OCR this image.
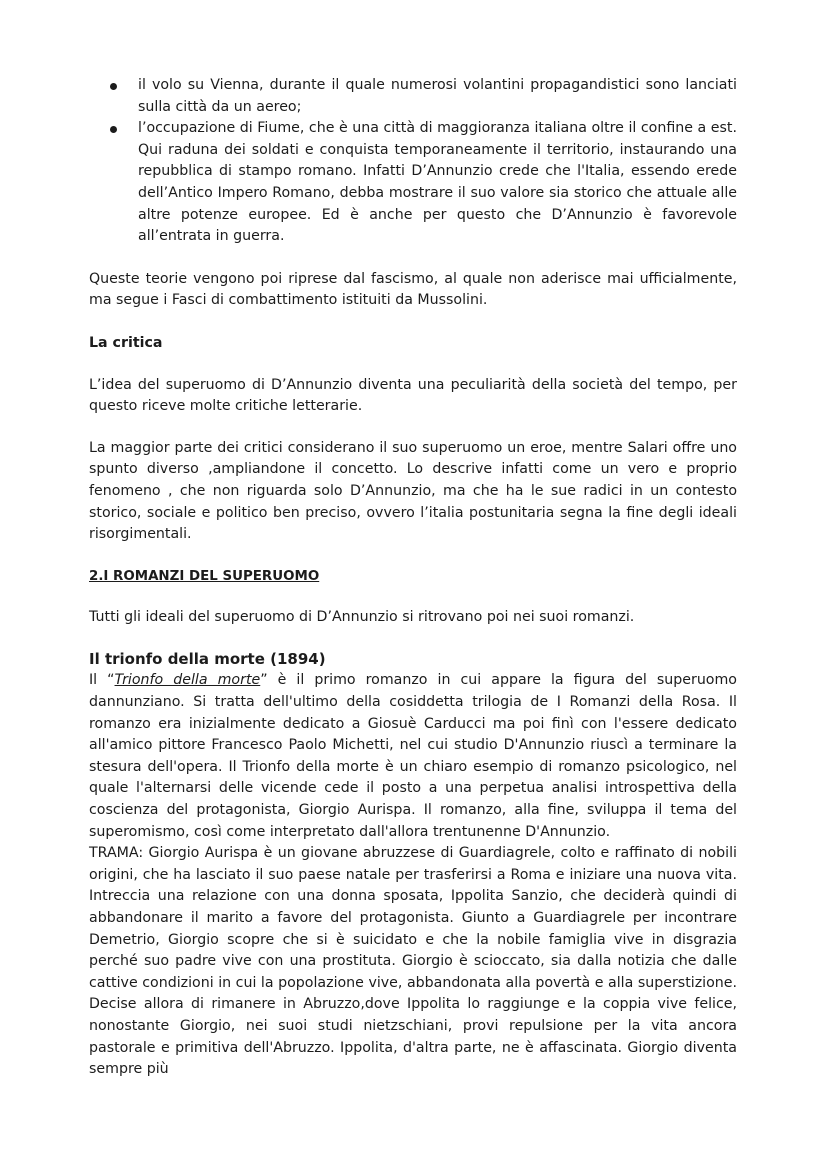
il volo su Vienna, durante il quale numerosi volantini propagandistici sono lanciati sulla città da un aereo;
l’occupazione di Fiume, che è una città di maggioranza italiana oltre il confine a est. Qui raduna dei soldati e conquista temporaneamente il territorio, instaurando una repubblica di stampo romano. Infatti D’Annunzio crede che l'Italia, essendo erede dell’Antico Impero Romano, debba mostrare il suo valore sia storico che attuale alle altre potenze europee. Ed è anche per questo che D’Annunzio è favorevole all’entrata in guerra.

Queste teorie vengono poi riprese dal fascismo, al quale non aderisce mai ufficialmente, ma segue i Fasci di combattimento istituiti da Mussolini.

La critica

L’idea del superuomo di D’Annunzio diventa una peculiarità della società del tempo, per questo riceve molte critiche letterarie.

La maggior parte dei critici considerano il suo superuomo un eroe, mentre Salari offre uno spunto diverso ,ampliandone il concetto. Lo descrive infatti come un vero e proprio fenomeno , che non riguarda solo D’Annunzio, ma che ha le sue radici in un contesto storico, sociale e politico ben preciso, ovvero l’italia postunitaria segna la fine degli ideali risorgimentali.

2.I ROMANZI DEL SUPERUOMO

Tutti gli ideali del superuomo di D’Annunzio si ritrovano poi nei suoi romanzi.

Il trionfo della morte (1894)

Il “Trionfo della morte” è il primo romanzo in cui appare la figura del superuomo dannunziano. Si tratta dell'ultimo della cosiddetta trilogia de I Romanzi della Rosa. Il romanzo era inizialmente dedicato a Giosuè Carducci ma poi finì con l'essere dedicato all'amico pittore Francesco Paolo Michetti, nel cui studio D'Annunzio riuscì a terminare la stesura dell'opera. Il Trionfo della morte è un chiaro esempio di romanzo psicologico, nel quale l'alternarsi delle vicende cede il posto a una perpetua analisi introspettiva della coscienza del protagonista, Giorgio Aurispa. Il romanzo, alla fine, sviluppa il tema del superomismo, così come interpretato dall'allora trentunenne D'Annunzio.

TRAMA: Giorgio Aurispa è un giovane abruzzese di Guardiagrele, colto e raffinato di nobili origini, che ha lasciato il suo paese natale per trasferirsi a Roma e iniziare una nuova vita. Intreccia una relazione con una donna sposata, Ippolita Sanzio, che deciderà quindi di abbandonare il marito a favore del protagonista. Giunto a Guardiagrele per incontrare Demetrio, Giorgio scopre che si è suicidato e che la nobile famiglia vive in disgrazia perché suo padre vive con una prostituta. Giorgio è scioccato, sia dalla notizia che dalle cattive condizioni in cui la popolazione vive, abbandonata alla povertà e alla superstizione. Decise allora di rimanere in Abruzzo,dove Ippolita lo raggiunge e la coppia vive felice, nonostante Giorgio, nei suoi studi nietzschiani, provi repulsione per la vita ancora pastorale e primitiva dell'Abruzzo. Ippolita, d'altra parte, ne è affascinata. Giorgio diventa sempre più
